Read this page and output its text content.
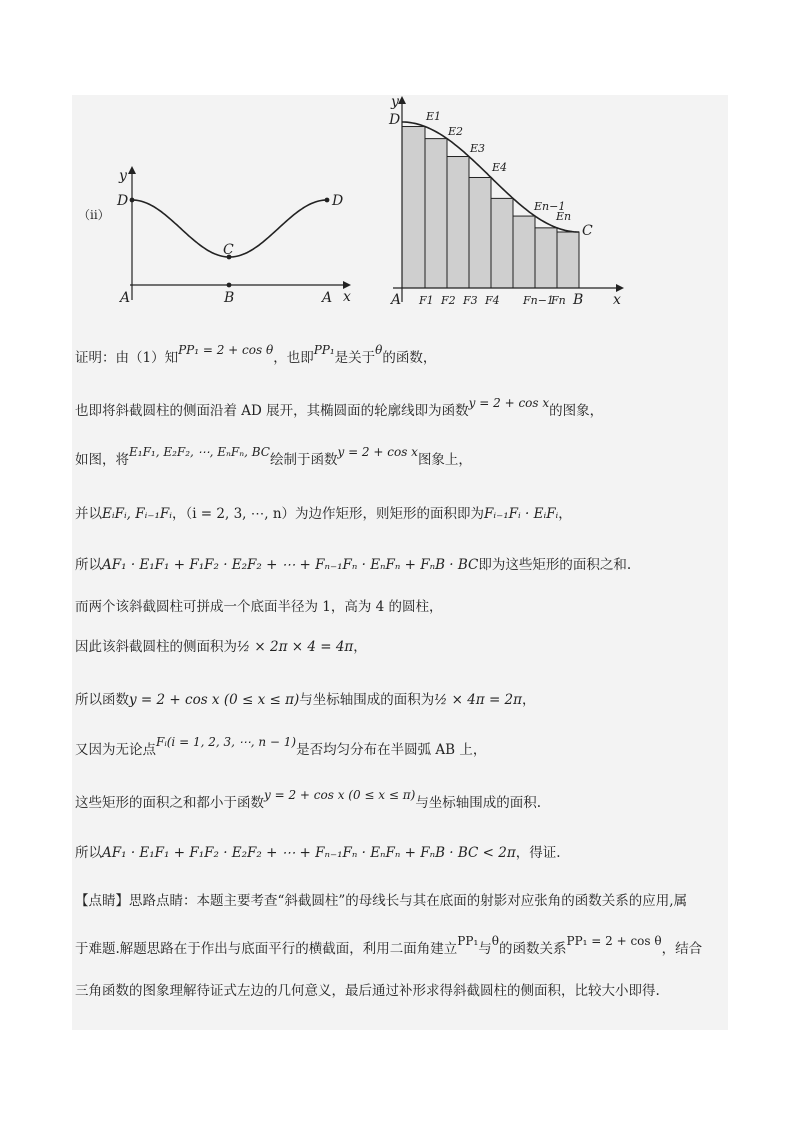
y
D
C
A	B	A
D
x
（ii）
y
D
C
A	B x
E1
E2
E3
E4
En−1
En
F1 F2 F3 F4 Fn−1
Fn
证明：由（1）知PP₁ = 2 + cos θ，也即PP₁是关于θ的函数，
也即将斜截圆柱的侧面沿着 AD 展开，其椭圆面的轮廓线即为函数y = 2 + cos x的图象，
如图，将E₁F₁, E₂F₂, ⋯, EₙFₙ, BC绘制于函数y = 2 + cos x图象上，
并以EᵢFᵢ, Fᵢ₋₁Fᵢ，（i = 2, 3, ⋯, n）为边作矩形，则矩形的面积即为Fᵢ₋₁Fᵢ · EᵢFᵢ，
所以AF₁ · E₁F₁ + F₁F₂ · E₂F₂ + ⋯ + Fₙ₋₁Fₙ · EₙFₙ + FₙB · BC即为这些矩形的面积之和.
而两个该斜截圆柱可拼成一个底面半径为 1，高为 4 的圆柱，
因此该斜截圆柱的侧面积为½ × 2π × 4 = 4π，
所以函数y = 2 + cos x (0 ≤ x ≤ π)与坐标轴围成的面积为½ × 4π = 2π，
又因为无论点Fᵢ(i = 1, 2, 3, ⋯, n − 1)是否均匀分布在半圆弧 AB 上，
这些矩形的面积之和都小于函数y = 2 + cos x (0 ≤ x ≤ π)与坐标轴围成的面积.
所以AF₁ · E₁F₁ + F₁F₂ · E₂F₂ + ⋯ + Fₙ₋₁Fₙ · EₙFₙ + FₙB · BC < 2π，得证.
【点睛】思路点睛：本题主要考查“斜截圆柱”的母线长与其在底面的射影对应张角的函数关系的应用,属
于难题.解题思路在于作出与底面平行的横截面，利用二面角建立PP₁与θ的函数关系PP₁ = 2 + cos θ，结合
三角函数的图象理解待证式左边的几何意义，最后通过补形求得斜截圆柱的侧面积，比较大小即得.
